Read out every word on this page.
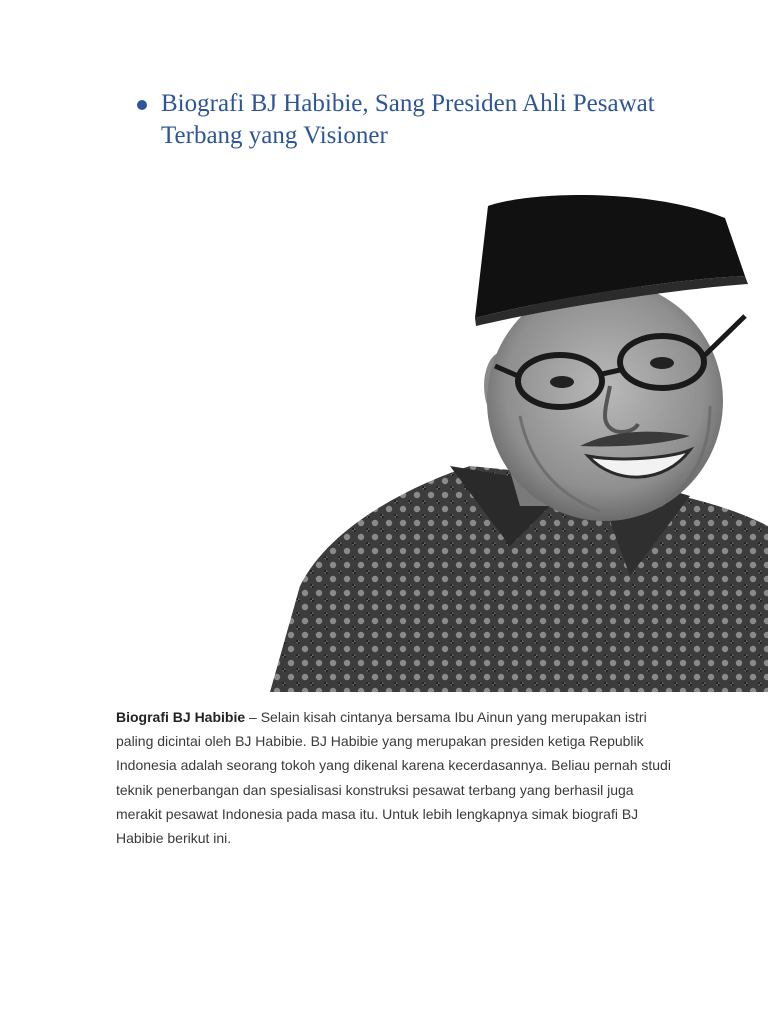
Biografi BJ Habibie, Sang Presiden Ahli Pesawat Terbang yang Visioner

Biografi BJ Habibie – Selain kisah cintanya bersama Ibu Ainun yang merupakan istri paling dicintai oleh BJ Habibie. BJ Habibie yang merupakan presiden ketiga Republik Indonesia adalah seorang tokoh yang dikenal karena kecerdasannya. Beliau pernah studi teknik penerbangan dan spesialisasi konstruksi pesawat terbang yang berhasil juga merakit pesawat Indonesia pada masa itu. Untuk lebih lengkapnya simak biografi BJ Habibie berikut ini.
